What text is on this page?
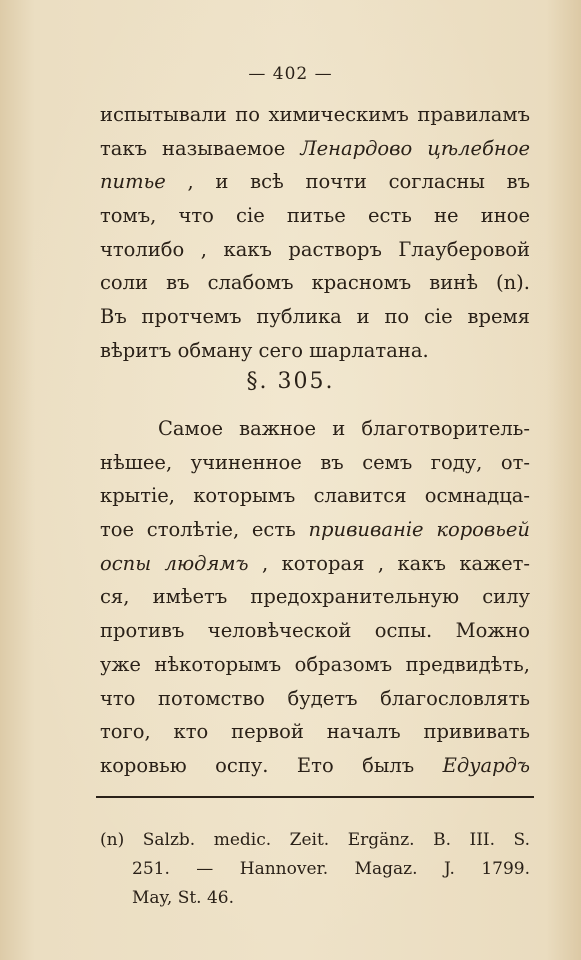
— 402 —
испытывали по химическимъ правиламъ
такъ называемое Ленардово цѣлебное
питье , и всѣ почти согласны въ
томъ, что сіе питье есть не иное
чтолибо , какъ растворъ Глауберовой
соли въ слабомъ красномъ винѣ (n).
Въ протчемъ публика и по сіе время
вѣритъ обману сего шарлатана.
§. 305.
Самое важное и благотворитель-
нѣшее, учиненное въ семъ году, от-
крытіе, которымъ славится осмнадца-
тое столѣтіе, есть прививаніе коровьей
оспы людямъ , которая , какъ кажет-
ся, имѣетъ предохранительную силу
противъ человѣческой оспы. Можно
уже нѣкоторымъ образомъ предвидѣть,
что потомство будетъ благословлять
того, кто первой началъ прививать
коровью оспу. Ето былъ Едуардъ
(n) Salzb. medic. Zeit. Ergänz. B. III. S.
251. — Hannover. Magaz. J. 1799.
May, St. 46.
